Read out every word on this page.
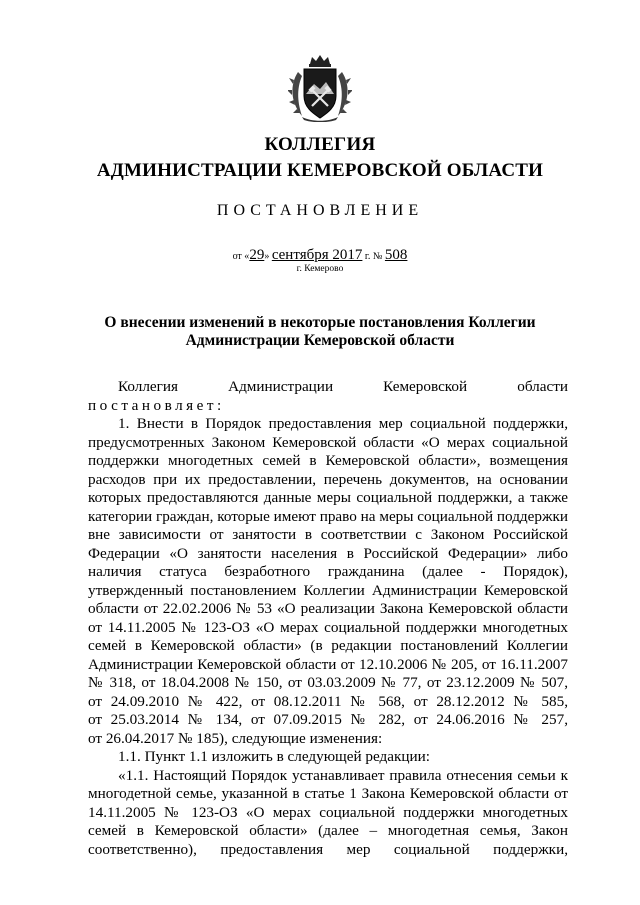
КОЛЛЕГИЯ
АДМИНИСТРАЦИИ КЕМЕРОВСКОЙ ОБЛАСТИ
ПОСТАНОВЛЕНИЕ
от «29» сентября 2017 г. № 508
г. Кемерово
О внесении изменений в некоторые постановления Коллегии
Администрации Кемеровской области
Коллегия Администрации Кемеровской области
постановляет:
1. Внести в Порядок предоставления мер социальной поддержки,
предусмотренных Законом Кемеровской области «О мерах социальной
поддержки многодетных семей в Кемеровской области», возмещения
расходов при их предоставлении, перечень документов, на основании
которых предоставляются данные меры социальной поддержки, а также
категории граждан, которые имеют право на меры социальной поддержки
вне зависимости от занятости в соответствии с Законом Российской
Федерации «О занятости населения в Российской Федерации» либо
наличия статуса безработного гражданина (далее - Порядок),
утвержденный постановлением Коллегии Администрации Кемеровской
области от 22.02.2006 № 53 «О реализации Закона Кемеровской области
от 14.11.2005 № 123-ОЗ «О мерах социальной поддержки многодетных
семей в Кемеровской области» (в редакции постановлений Коллегии
Администрации Кемеровской области от 12.10.2006 № 205, от 16.11.2007
№ 318, от 18.04.2008 № 150, от 03.03.2009 № 77, от 23.12.2009 № 507,
от 24.09.2010 № 422, от 08.12.2011 № 568, от 28.12.2012 № 585,
от 25.03.2014 № 134, от 07.09.2015 № 282, от 24.06.2016 № 257,
от 26.04.2017 № 185), следующие изменения:
1.1. Пункт 1.1 изложить в следующей редакции:
«1.1. Настоящий Порядок устанавливает правила отнесения семьи к
многодетной семье, указанной в статье 1 Закона Кемеровской области от
14.11.2005 № 123-ОЗ «О мерах социальной поддержки многодетных
семей в Кемеровской области» (далее – многодетная семья, Закон
соответственно), предоставления мер социальной поддержки,
